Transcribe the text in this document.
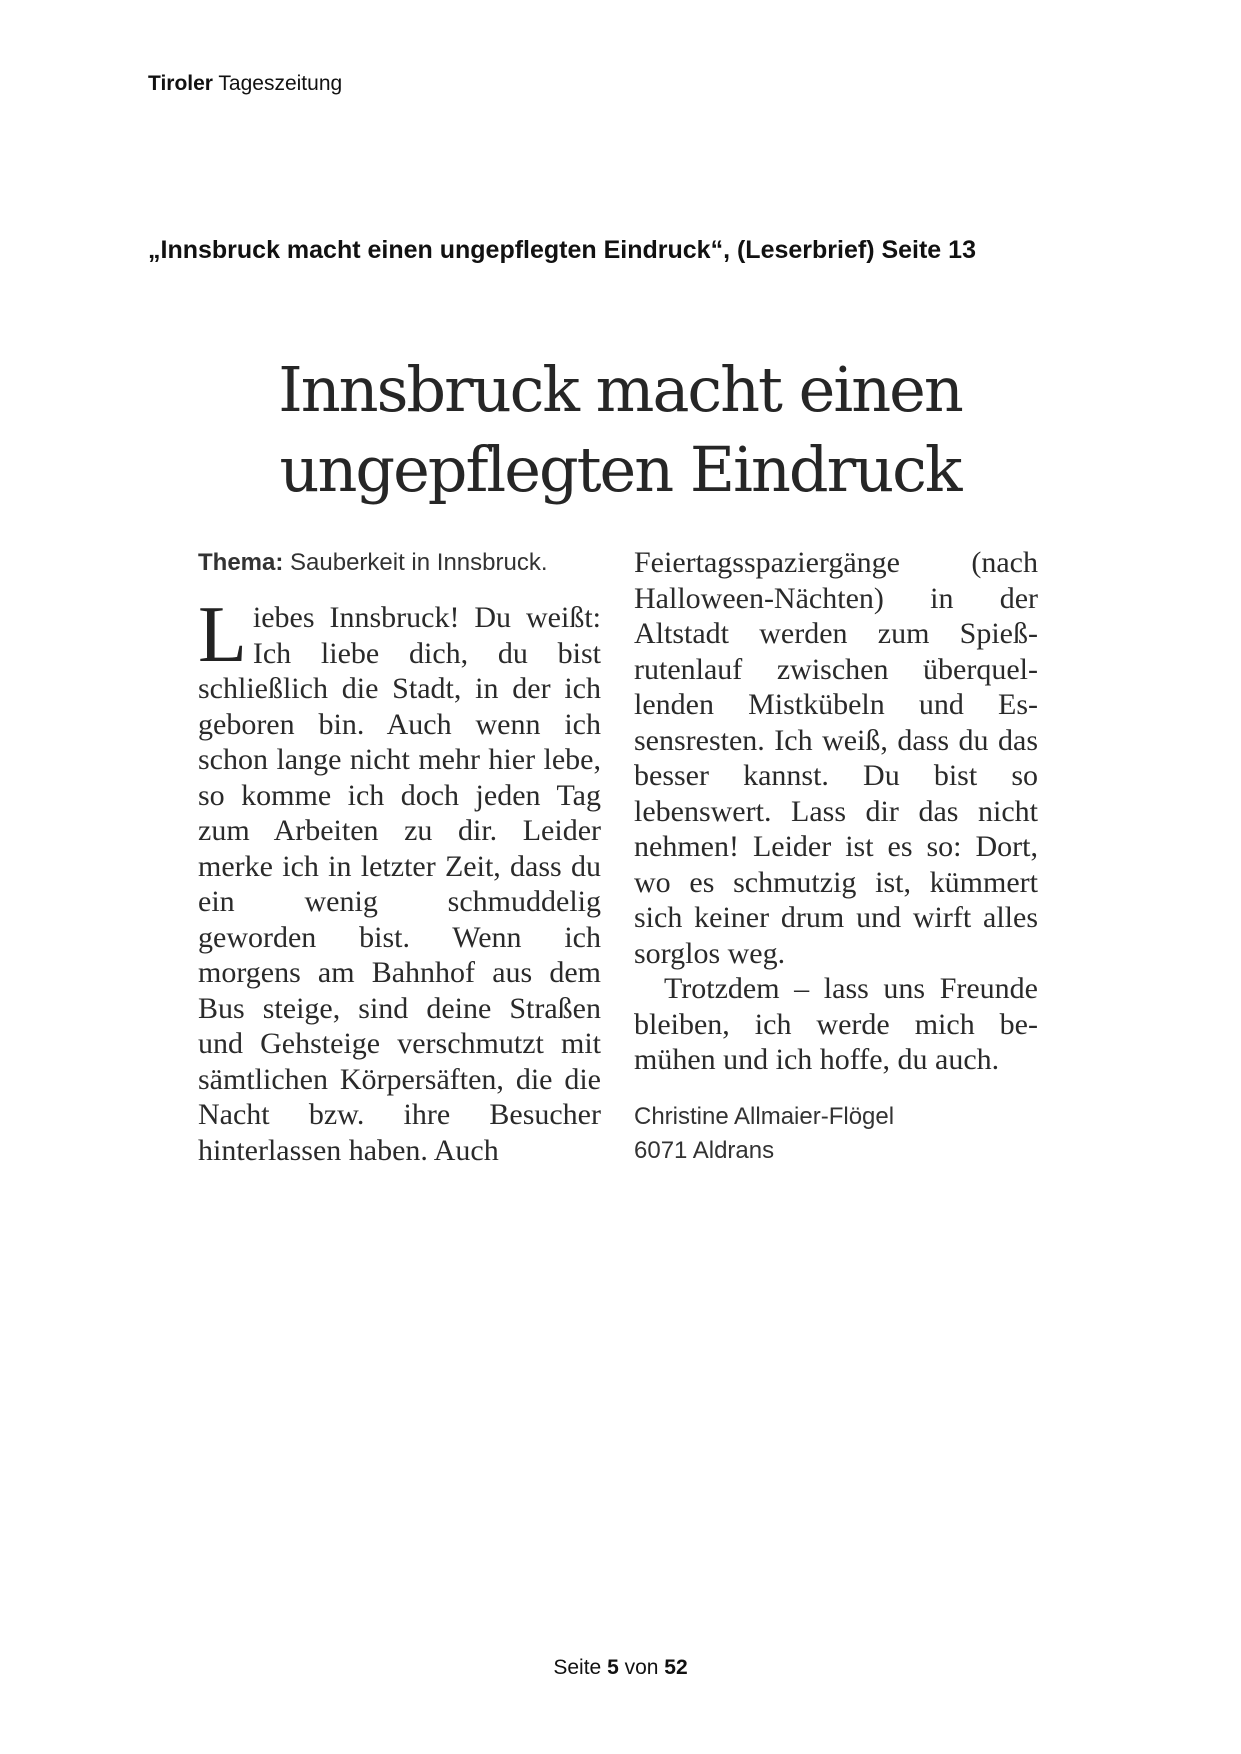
Tiroler Tageszeitung
„Innsbruck macht einen ungepflegten Eindruck“, (Leserbrief) Seite 13
Innsbruck macht einen
ungepflegten Eindruck
Thema: Sauberkeit in Innsbruck.

Liebes Innsbruck! Du weißt: Ich liebe dich, du bist schließlich die Stadt, in der ich geboren bin. Auch wenn ich schon lange nicht mehr hier lebe, so komme ich doch jeden Tag zum Arbeiten zu dir. Leider merke ich in letzter Zeit, dass du ein wenig schmuddelig geworden bist. Wenn ich morgens am Bahnhof aus dem Bus steige, sind deine Straßen und Gehsteige verschmutzt mit sämtlichen Körpersäften, die die Nacht bzw. ihre Besucher hinterlassen haben. Auch

Feiertagsspaziergänge (nach Halloween-Nächten) in der Altstadt werden zum Spießrutenlauf zwischen überquellenden Mistkübeln und Essensresten. Ich weiß, dass du das besser kannst. Du bist so lebenswert. Lass dir das nicht nehmen! Leider ist es so: Dort, wo es schmutzig ist, kümmert sich keiner drum und wirft alles sorglos weg.

Trotzdem – lass uns Freunde bleiben, ich werde mich bemühen und ich hoffe, du auch.

Christine Allmaier-Flögel
6071 Aldrans
Seite 5 von 52
